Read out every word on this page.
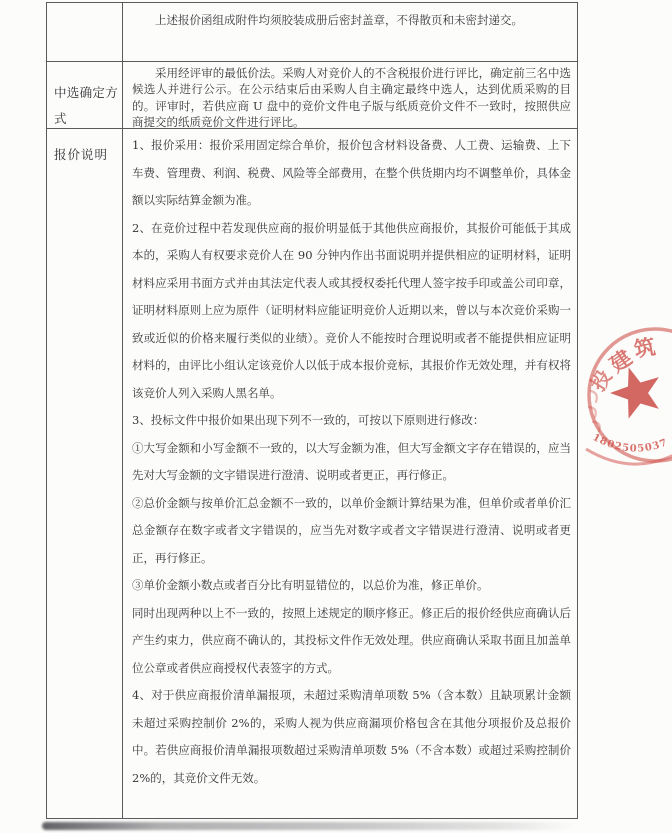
上述报价函组成附件均须胶装成册后密封盖章，不得散页和未密封递交。

中选确定方式

采用经评审的最低价法。采购人对竞价人的不含税报价进行评比，确定前三名中选候选人并进行公示。在公示结束后由采购人自主确定最终中选人，达到优质采购的目的。评审时，若供应商 U 盘中的竞价文件电子版与纸质竞价文件不一致时，按照供应商提交的纸质竞价文件进行评比。

报价说明

1、报价采用：报价采用固定综合单价，报价包含材料设备费、人工费、运输费、上下车费、管理费、利润、税费、风险等全部费用，在整个供货期内均不调整单价，具体金额以实际结算金额为准。

2、在竞价过程中若发现供应商的报价明显低于其他供应商报价，其报价可能低于其成本的，采购人有权要求竞价人在 90 分钟内作出书面说明并提供相应的证明材料，证明材料应采用书面方式并由其法定代表人或其授权委托代理人签字按手印或盖公司印章，证明材料原则上应为原件（证明材料应能证明竞价人近期以来，曾以与本次竞价采购一致或近似的价格来履行类似的业绩）。竞价人不能按时合理说明或者不能提供相应证明材料的，由评比小组认定该竞价人以低于成本报价竞标，其报价作无效处理，并有权将该竞价人列入采购人黑名单。

3、投标文件中报价如果出现下列不一致的，可按以下原则进行修改：

①大写金额和小写金额不一致的，以大写金额为准，但大写金额文字存在错误的，应当先对大写金额的文字错误进行澄清、说明或者更正，再行修正。

②总价金额与按单价汇总金额不一致的，以单价金额计算结果为准，但单价或者单价汇总金额存在数字或者文字错误的，应当先对数字或者文字错误进行澄清、说明或者更正，再行修正。

③单价金额小数点或者百分比有明显错位的，以总价为准，修正单价。

同时出现两种以上不一致的，按照上述规定的顺序修正。修正后的报价经供应商确认后产生约束力，供应商不确认的，其投标文件作无效处理。供应商确认采取书面且加盖单位公章或者供应商授权代表签字的方式。

4、对于供应商报价清单漏报项，未超过采购清单项数 5%（含本数）且缺项累计金额未超过采购控制价 2%的，采购人视为供应商漏项价格包含在其他分项报价及总报价中。若供应商报价清单漏报项数超过采购清单项数 5%（不含本数）或超过采购控制价 2%的，其竞价文件无效。

筑
建
投
1802505037
